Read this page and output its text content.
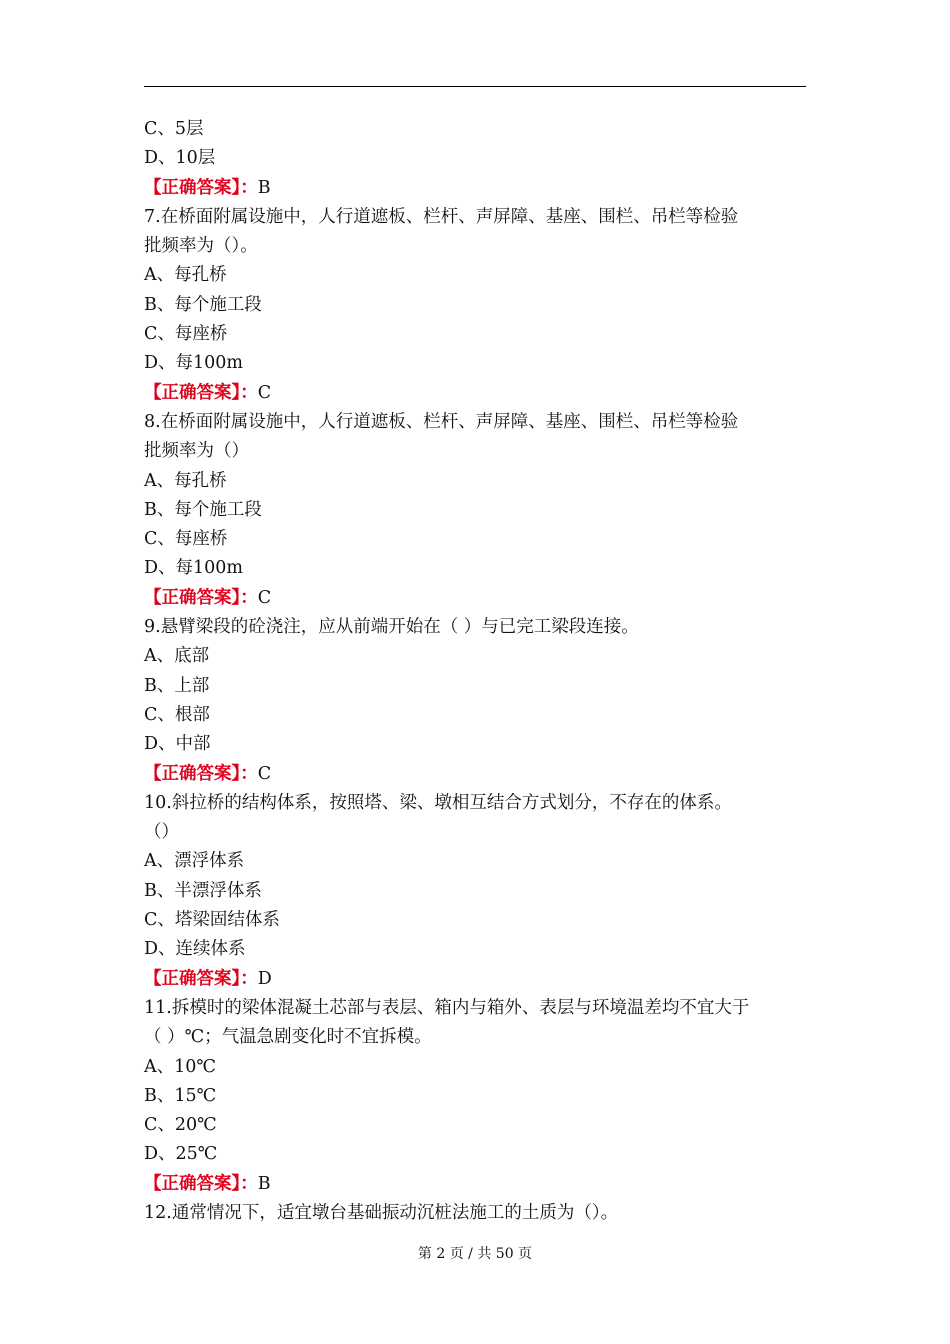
C、5层

D、10层

【正确答案】：B

7.在桥面附属设施中，人行道遮板、栏杆、声屏障、基座、围栏、吊栏等检验

批频率为（）。

A、每孔桥

B、每个施工段

C、每座桥

D、每100m

【正确答案】：C

8.在桥面附属设施中，人行道遮板、栏杆、声屏障、基座、围栏、吊栏等检验

批频率为（）

A、每孔桥

B、每个施工段

C、每座桥

D、每100m

【正确答案】：C

9.悬臂梁段的砼浇注，应从前端开始在（ ）与已完工梁段连接。

A、底部

B、上部

C、根部

D、中部

【正确答案】：C

10.斜拉桥的结构体系，按照塔、梁、墩相互结合方式划分，不存在的体系。

（）

A、漂浮体系

B、半漂浮体系

C、塔梁固结体系

D、连续体系

【正确答案】：D

11.拆模时的梁体混凝土芯部与表层、箱内与箱外、表层与环境温差均不宜大于

（ ）℃；气温急剧变化时不宜拆模。

A、10℃

B、15℃

C、20℃

D、25℃

【正确答案】：B

12.通常情况下，适宜墩台基础振动沉桩法施工的土质为（）。

第 2 页 / 共 50 页
